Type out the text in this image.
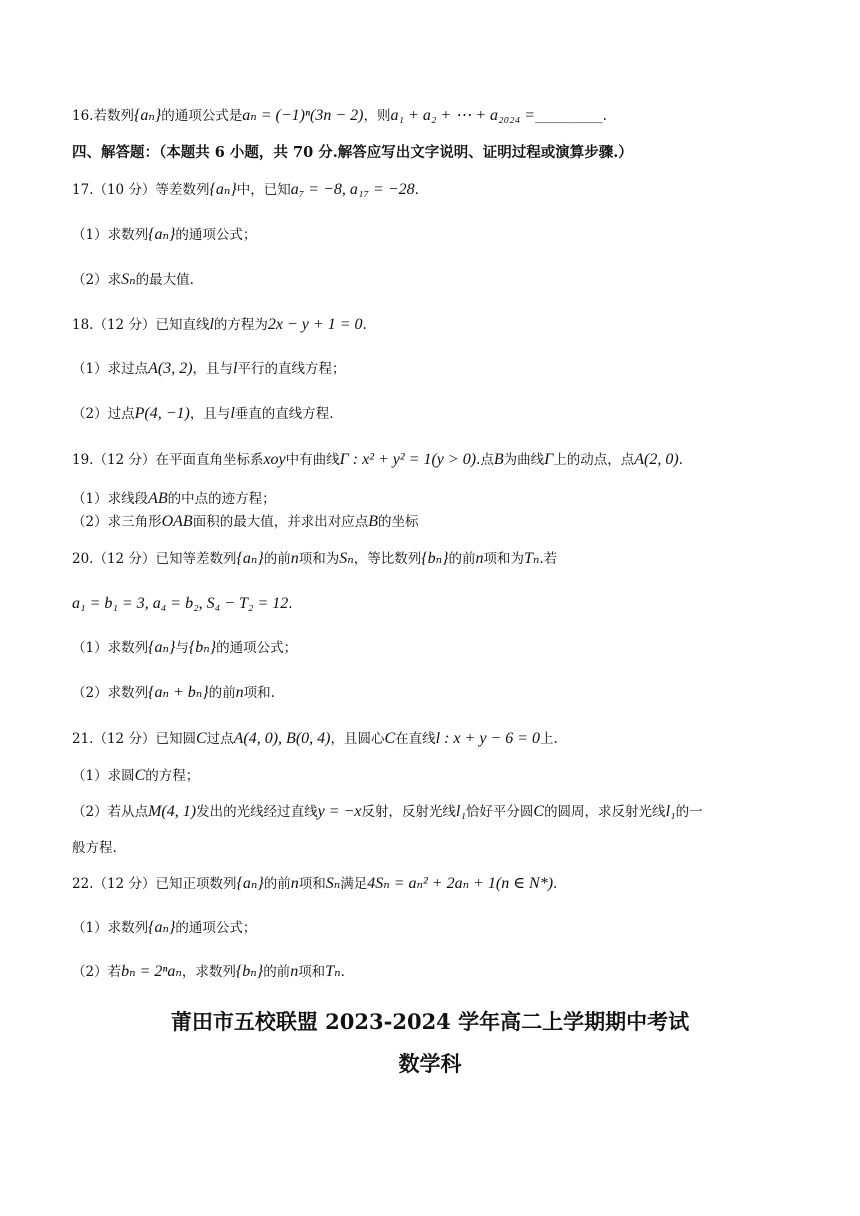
16.若数列{aₙ}的通项公式是aₙ = (−1)ⁿ(3n − 2)，则a₁ + a₂ + ⋯ + a₂₀₂₄ =__________.
四、解答题：（本题共 6 小题，共 70 分.解答应写出文字说明、证明过程或演算步骤.）
17.（10 分）等差数列{aₙ}中，已知a₇ = −8, a₁₇ = −28.
（1）求数列{aₙ}的通项公式；
（2）求Sₙ的最大值.
18.（12 分）已知直线l的方程为2x − y + 1 = 0.
（1）求过点A(3, 2)，且与l平行的直线方程；
（2）过点P(4, −1)，且与l垂直的直线方程.
19.（12 分）在平面直角坐标系xoy中有曲线Γ : x² + y² = 1(y > 0).点B为曲线Γ上的动点，点A(2, 0).
（1）求线段AB的中点的迹方程；
（2）求三角形OAB面积的最大值，并求出对应点B的坐标
20.（12 分）已知等差数列{aₙ}的前n项和为Sₙ，等比数列{bₙ}的前n项和为Tₙ.若
a₁ = b₁ = 3, a₄ = b₂, S₄ − T₂ = 12.
（1）求数列{aₙ}与{bₙ}的通项公式；
（2）求数列{aₙ + bₙ}的前n项和.
21.（12 分）已知圆C过点A(4, 0), B(0, 4)，且圆心C在直线l : x + y − 6 = 0上.
（1）求圆C的方程；
（2）若从点M(4, 1)发出的光线经过直线y = −x反射，反射光线l₁恰好平分圆C的圆周，求反射光线l₁的一
般方程.
22.（12 分）已知正项数列{aₙ}的前n项和Sₙ满足4Sₙ = aₙ² + 2aₙ + 1(n ∈ N*).
（1）求数列{aₙ}的通项公式；
（2）若bₙ = 2ⁿaₙ，求数列{bₙ}的前n项和Tₙ.
莆田市五校联盟 2023-2024 学年高二上学期期中考试
数学科
